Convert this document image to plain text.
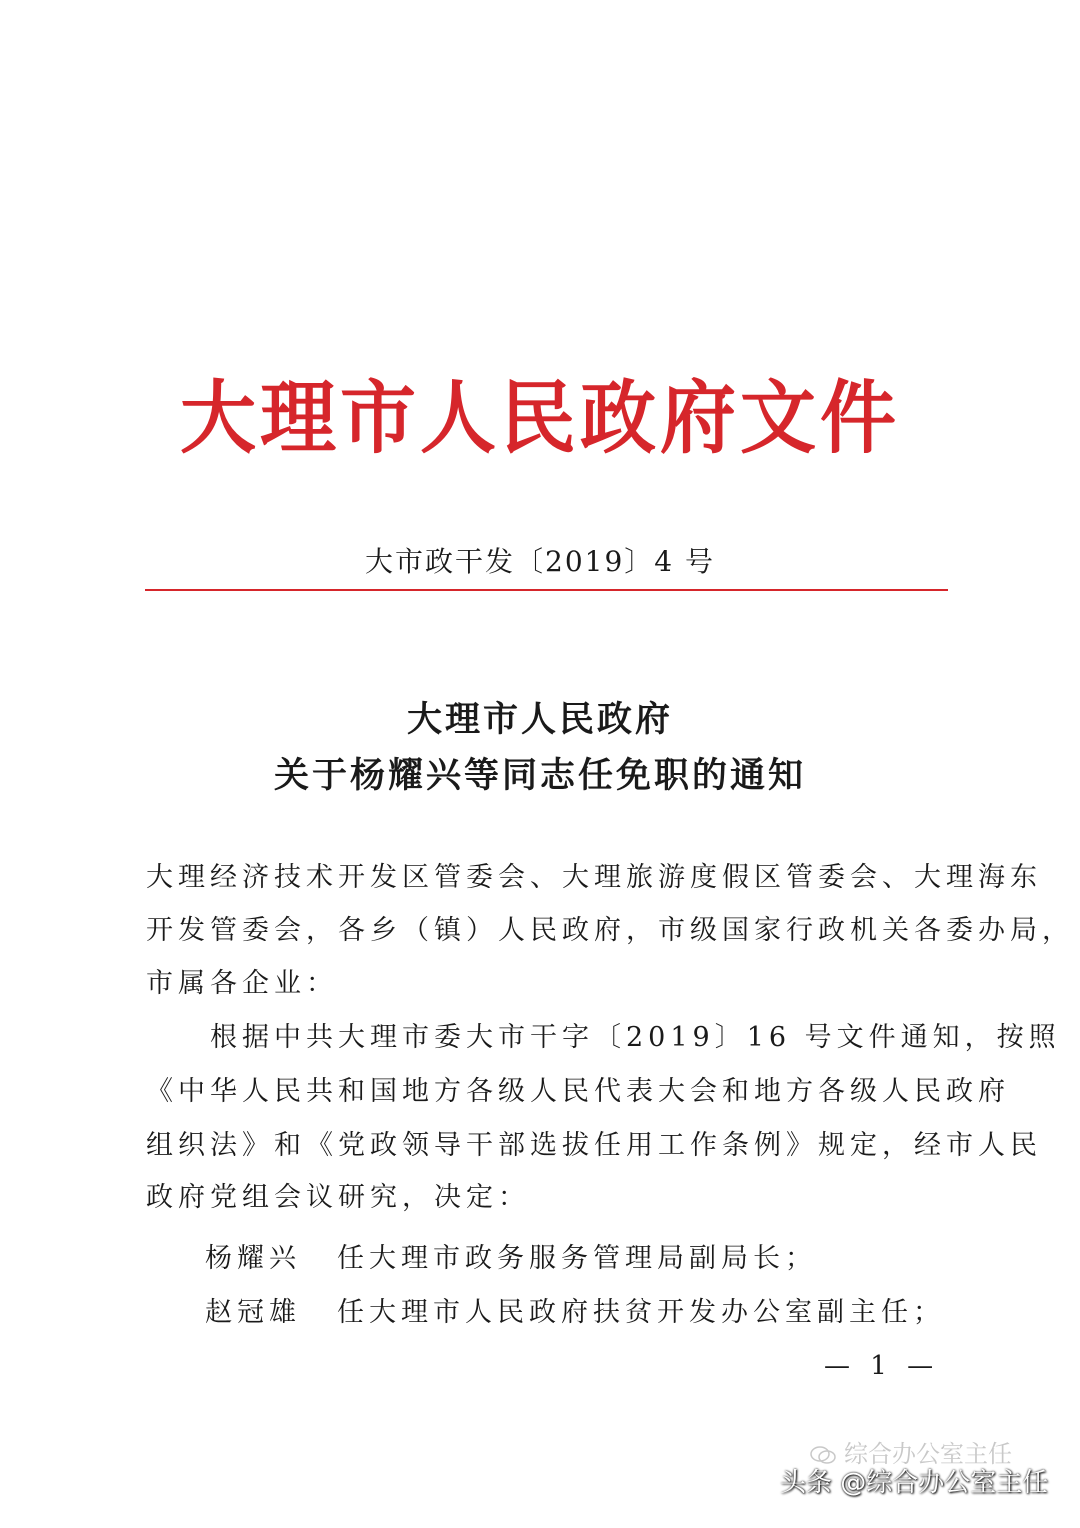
大理市人民政府文件
大市政干发〔2019〕4 号
大理市人民政府
关于杨耀兴等同志任免职的通知
大理经济技术开发区管委会、大理旅游度假区管委会、大理海东
开发管委会，各乡（镇）人民政府，市级国家行政机关各委办局，
市属各企业：
　　根据中共大理市委大市干字〔2019〕16 号文件通知，按照
《中华人民共和国地方各级人民代表大会和地方各级人民政府
组织法》和《党政领导干部选拔任用工作条例》规定，经市人民
政府党组会议研究，决定：
杨耀兴 任大理市政务服务管理局副局长；
赵冠雄 任大理市人民政府扶贫开发办公室副主任；
— 1 —
综合办公室主任
头条 @综合办公室主任
